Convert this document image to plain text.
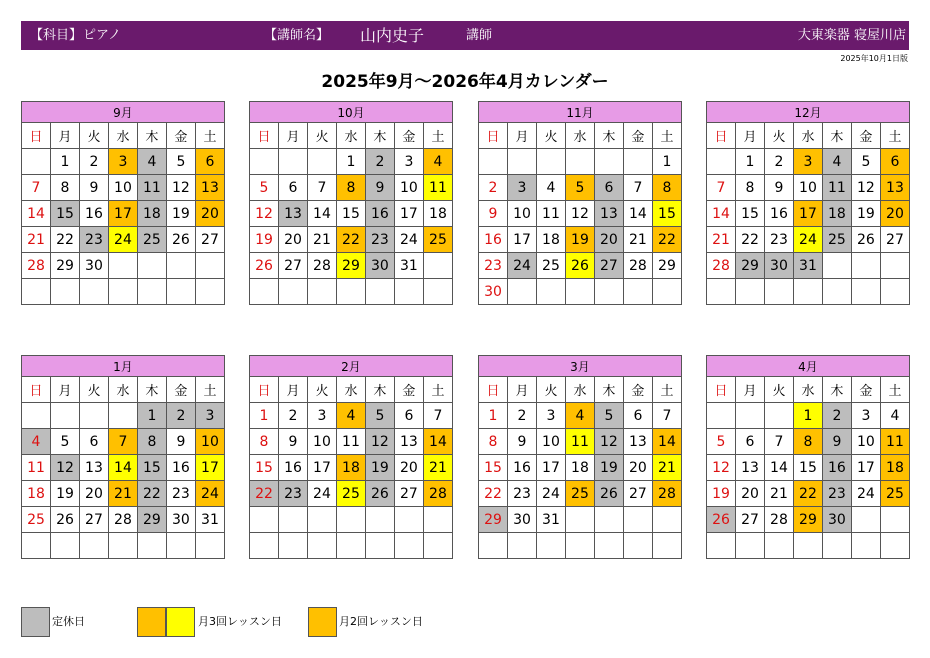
【科目】 ピアノ	【講師名】 山内史子	講師	大東楽器 寝屋川店
2025年10月1日版
2025年9月～2026年4月カレンダー
9月						
日	月	火	水	木	金	土
	1	2	3	4	5	6
7	8	9	10	11	12	13
14	15	16	17	18	19	20
21	22	23	24	25	26	27
28	29	30				

10月						
日	月	火	水	木	金	土
			1	2	3	4
5	6	7	8	9	10	11
12	13	14	15	16	17	18
19	20	21	22	23	24	25
26	27	28	29	30	31	

11月						
日	月	火	水	木	金	土
						1
2	3	4	5	6	7	8
9	10	11	12	13	14	15
16	17	18	19	20	21	22
23	24	25	26	27	28	29
30						
12月						
日	月	火	水	木	金	土
	1	2	3	4	5	6
7	8	9	10	11	12	13
14	15	16	17	18	19	20
21	22	23	24	25	26	27
28	29	30	31			

1月						
日	月	火	水	木	金	土
				1	2	3
4	5	6	7	8	9	10
11	12	13	14	15	16	17
18	19	20	21	22	23	24
25	26	27	28	29	30	31

2月						
日	月	火	水	木	金	土
1	2	3	4	5	6	7
8	9	10	11	12	13	14
15	16	17	18	19	20	21
22	23	24	25	26	27	28

3月						
日	月	火	水	木	金	土
1	2	3	4	5	6	7
8	9	10	11	12	13	14
15	16	17	18	19	20	21
22	23	24	25	26	27	28
29	30	31				

4月						
日	月	火	水	木	金	土
			1	2	3	4
5	6	7	8	9	10	11
12	13	14	15	16	17	18
19	20	21	22	23	24	25
26	27	28	29	30		

定休日	月3回レッスン日	月2回レッスン日
